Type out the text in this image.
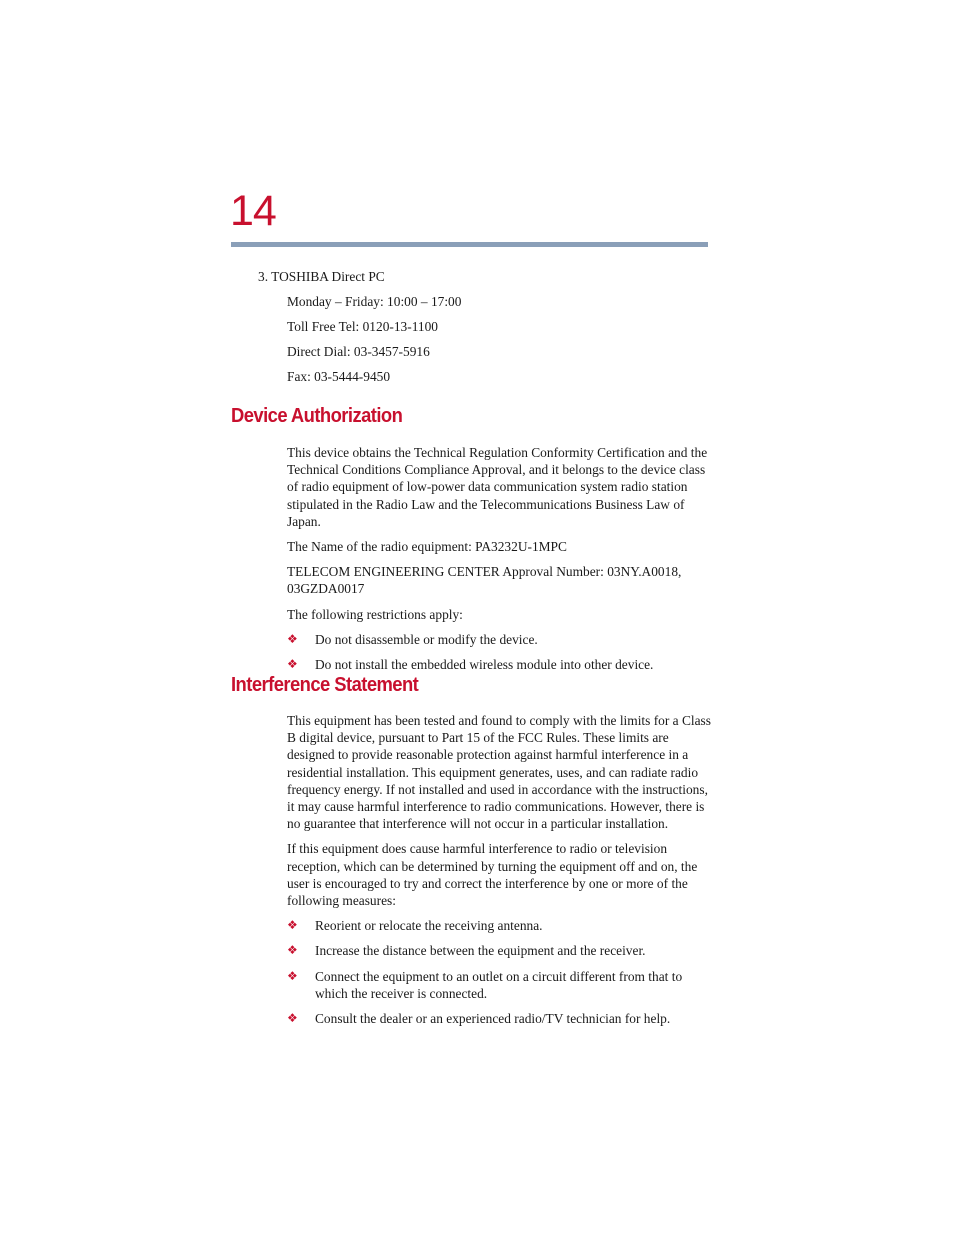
14
3. TOSHIBA Direct PC
Monday – Friday: 10:00 – 17:00
Toll Free Tel: 0120-13-1100
Direct Dial: 03-3457-5916
Fax: 03-5444-9450
Device Authorization

This device obtains the Technical Regulation Conformity Certification and the Technical Conditions Compliance Approval, and it belongs to the device class of radio equipment of low-power data communication system radio station stipulated in the Radio Law and the Telecommunications Business Law of Japan.

The Name of the radio equipment: PA3232U-1MPC

TELECOM ENGINEERING CENTER Approval Number: 03NY.A0018, 03GZDA0017

The following restrictions apply:

❖ Do not disassemble or modify the device.
❖ Do not install the embedded wireless module into other device.
Interference Statement

This equipment has been tested and found to comply with the limits for a Class B digital device, pursuant to Part 15 of the FCC Rules. These limits are designed to provide reasonable protection against harmful interference in a residential installation. This equipment generates, uses, and can radiate radio frequency energy. If not installed and used in accordance with the instructions, it may cause harmful interference to radio communications. However, there is no guarantee that interference will not occur in a particular installation.

If this equipment does cause harmful interference to radio or television reception, which can be determined by turning the equipment off and on, the user is encouraged to try and correct the interference by one or more of the following measures:

❖ Reorient or relocate the receiving antenna.
❖ Increase the distance between the equipment and the receiver.
❖ Connect the equipment to an outlet on a circuit different from that to which the receiver is connected.
❖ Consult the dealer or an experienced radio/TV technician for help.
